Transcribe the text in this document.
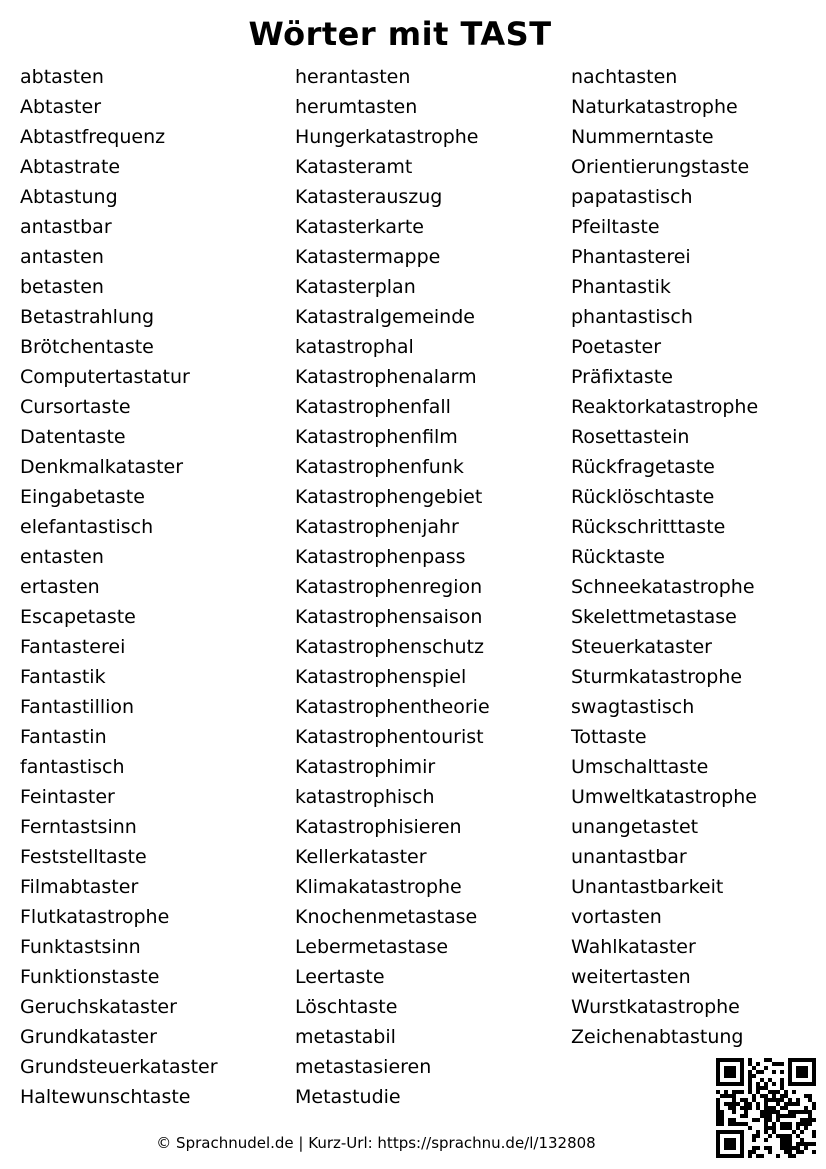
Wörter mit TAST
abtasten
Abtaster
Abtastfrequenz
Abtastrate
Abtastung
antastbar
antasten
betasten
Betastrahlung
Brötchentaste
Computertastatur
Cursortaste
Datentaste
Denkmalkataster
Eingabetaste
elefantastisch
entasten
ertasten
Escapetaste
Fantasterei
Fantastik
Fantastillion
Fantastin
fantastisch
Feintaster
Ferntastsinn
Feststelltaste
Filmabtaster
Flutkatastrophe
Funktastsinn
Funktionstaste
Geruchskataster
Grundkataster
Grundsteuerkataster
Haltewunschtaste
herantasten
herumtasten
Hungerkatastrophe
Katasteramt
Katasterauszug
Katasterkarte
Katastermappe
Katasterplan
Katastralgemeinde
katastrophal
Katastrophenalarm
Katastrophenfall
Katastrophenfilm
Katastrophenfunk
Katastrophengebiet
Katastrophenjahr
Katastrophenpass
Katastrophenregion
Katastrophensaison
Katastrophenschutz
Katastrophenspiel
Katastrophentheorie
Katastrophentourist
Katastrophimir
katastrophisch
Katastrophisieren
Kellerkataster
Klimakatastrophe
Knochenmetastase
Lebermetastase
Leertaste
Löschtaste
metastabil
metastasieren
Metastudie
nachtasten
Naturkatastrophe
Nummerntaste
Orientierungstaste
papatastisch
Pfeiltaste
Phantasterei
Phantastik
phantastisch
Poetaster
Präfixtaste
Reaktorkatastrophe
Rosettastein
Rückfragetaste
Rücklöschtaste
Rückschritttaste
Rücktaste
Schneekatastrophe
Skelettmetastase
Steuerkataster
Sturmkatastrophe
swagtastisch
Tottaste
Umschalttaste
Umweltkatastrophe
unangetastet
unantastbar
Unantastbarkeit
vortasten
Wahlkataster
weitertasten
Wurstkatastrophe
Zeichenabtastung
© Sprachnudel.de | Kurz-Url: https://sprachnu.de/l/132808
